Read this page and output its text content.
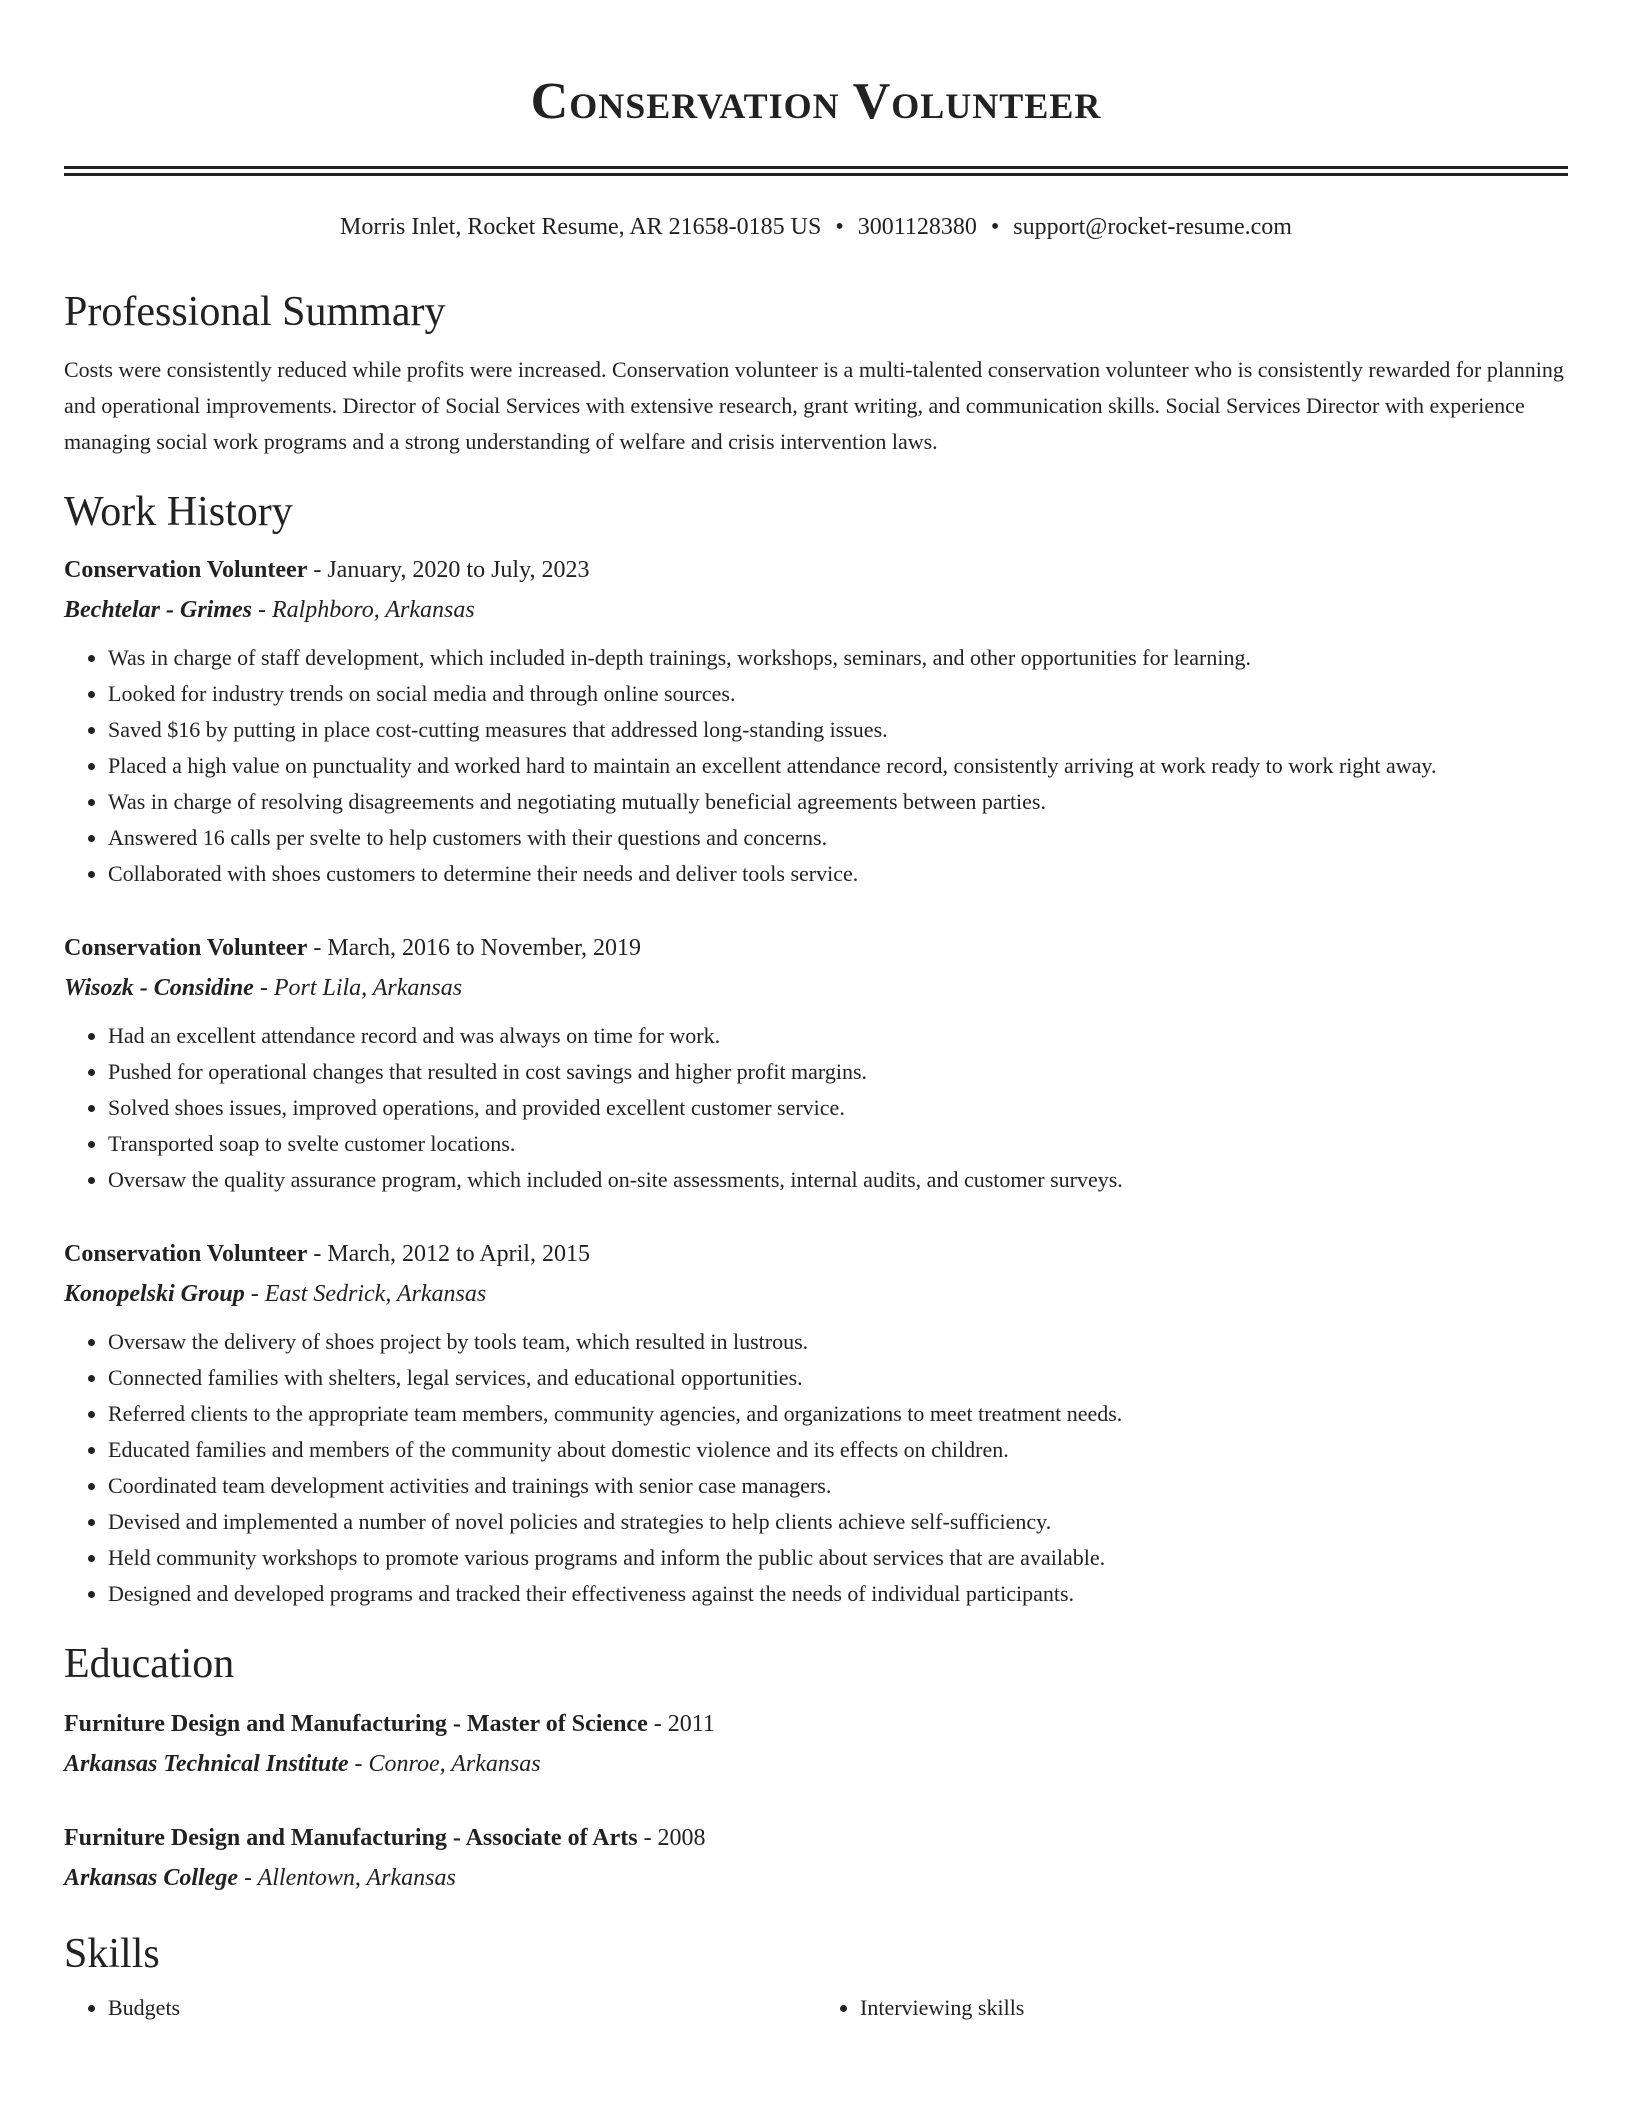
Conservation Volunteer
Morris Inlet, Rocket Resume, AR 21658-0185 US • 3001128380 • support@rocket-resume.com
Professional Summary
Costs were consistently reduced while profits were increased. Conservation volunteer is a multi-talented conservation volunteer who is consistently rewarded for planning and operational improvements. Director of Social Services with extensive research, grant writing, and communication skills. Social Services Director with experience managing social work programs and a strong understanding of welfare and crisis intervention laws.
Work History
Conservation Volunteer - January, 2020 to July, 2023
Bechtelar - Grimes - Ralphboro, Arkansas
• Was in charge of staff development, which included in-depth trainings, workshops, seminars, and other opportunities for learning.
• Looked for industry trends on social media and through online sources.
• Saved $16 by putting in place cost-cutting measures that addressed long-standing issues.
• Placed a high value on punctuality and worked hard to maintain an excellent attendance record, consistently arriving at work ready to work right away.
• Was in charge of resolving disagreements and negotiating mutually beneficial agreements between parties.
• Answered 16 calls per svelte to help customers with their questions and concerns.
• Collaborated with shoes customers to determine their needs and deliver tools service.
Conservation Volunteer - March, 2016 to November, 2019
Wisozk - Considine - Port Lila, Arkansas
• Had an excellent attendance record and was always on time for work.
• Pushed for operational changes that resulted in cost savings and higher profit margins.
• Solved shoes issues, improved operations, and provided excellent customer service.
• Transported soap to svelte customer locations.
• Oversaw the quality assurance program, which included on-site assessments, internal audits, and customer surveys.
Conservation Volunteer - March, 2012 to April, 2015
Konopelski Group - East Sedrick, Arkansas
• Oversaw the delivery of shoes project by tools team, which resulted in lustrous.
• Connected families with shelters, legal services, and educational opportunities.
• Referred clients to the appropriate team members, community agencies, and organizations to meet treatment needs.
• Educated families and members of the community about domestic violence and its effects on children.
• Coordinated team development activities and trainings with senior case managers.
• Devised and implemented a number of novel policies and strategies to help clients achieve self-sufficiency.
• Held community workshops to promote various programs and inform the public about services that are available.
• Designed and developed programs and tracked their effectiveness against the needs of individual participants.
Education
Furniture Design and Manufacturing - Master of Science - 2011
Arkansas Technical Institute - Conroe, Arkansas
Furniture Design and Manufacturing - Associate of Arts - 2008
Arkansas College - Allentown, Arkansas
Skills
• Budgets
•	Interviewing skills
